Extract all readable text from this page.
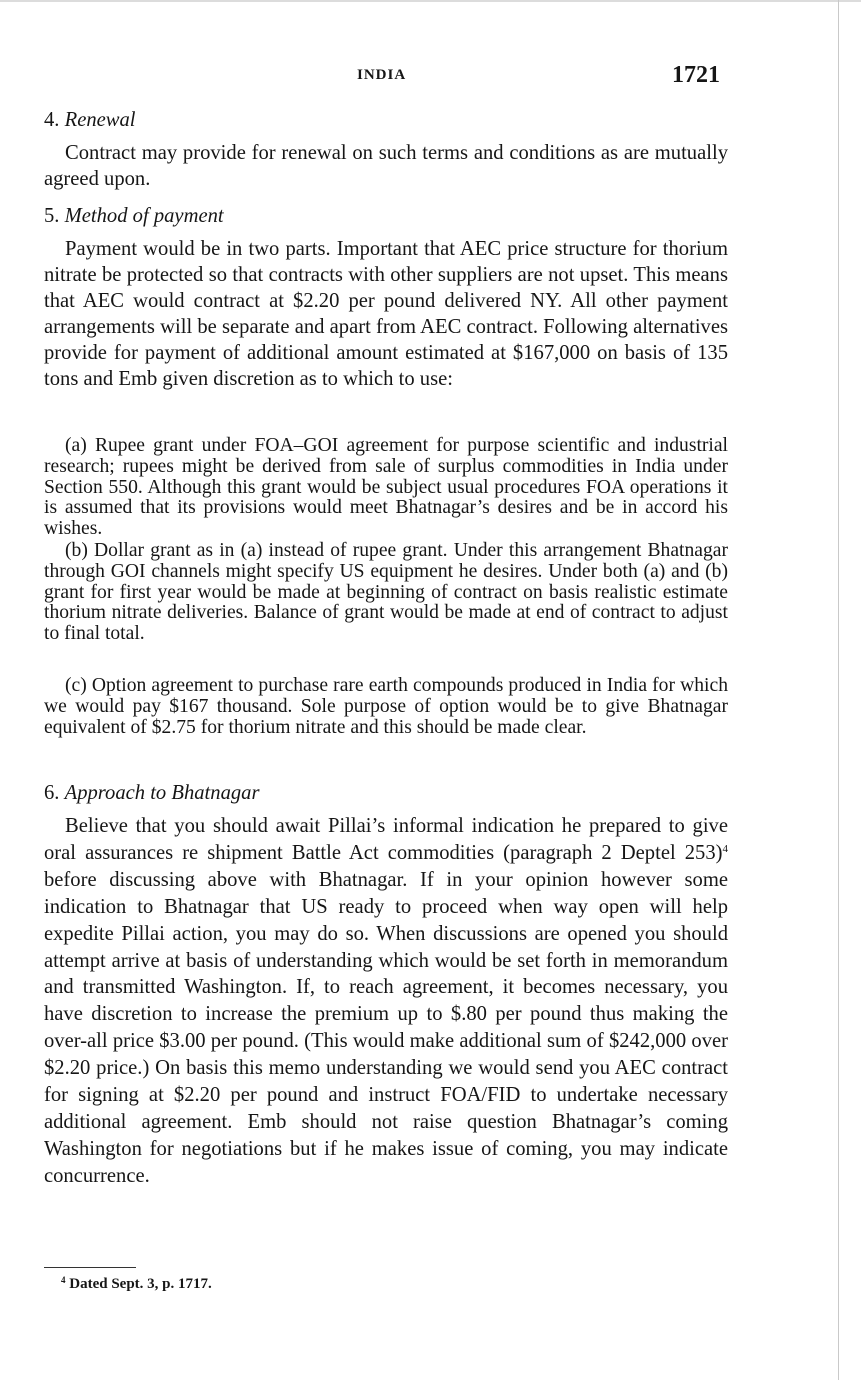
INDIA	1721
4. Renewal
Contract may provide for renewal on such terms and conditions as are mutually agreed upon.
5. Method of payment
Payment would be in two parts. Important that AEC price structure for thorium nitrate be protected so that contracts with other suppliers are not upset. This means that AEC would contract at $2.20 per pound delivered NY. All other payment arrangements will be separate and apart from AEC contract. Following alternatives provide for payment of additional amount estimated at $167,000 on basis of 135 tons and Emb given discretion as to which to use:
(a) Rupee grant under FOA–GOI agreement for purpose scientific and industrial research; rupees might be derived from sale of surplus commodities in India under Section 550. Although this grant would be subject usual procedures FOA operations it is assumed that its provisions would meet Bhatnagar’s desires and be in accord his wishes.
(b) Dollar grant as in (a) instead of rupee grant. Under this arrangement Bhatnagar through GOI channels might specify US equipment he desires. Under both (a) and (b) grant for first year would be made at beginning of contract on basis realistic estimate thorium nitrate deliveries. Balance of grant would be made at end of contract to adjust to final total.
(c) Option agreement to purchase rare earth compounds produced in India for which we would pay $167 thousand. Sole purpose of option would be to give Bhatnagar equivalent of $2.75 for thorium nitrate and this should be made clear.
6. Approach to Bhatnagar
Believe that you should await Pillai’s informal indication he prepared to give oral assurances re shipment Battle Act commodities (paragraph 2 Deptel 253)$^4$ before discussing above with Bhatnagar. If in your opinion however some indication to Bhatnagar that US ready to proceed when way open will help expedite Pillai action, you may do so. When discussions are opened you should attempt arrive at basis of understanding which would be set forth in memorandum and transmitted Washington. If, to reach agreement, it becomes necessary, you have discretion to increase the premium up to $.80 per pound thus making the over-all price $3.00 per pound. (This would make additional sum of $242,000 over $2.20 price.) On basis this memo understanding we would send you AEC contract for signing at $2.20 per pound and instruct FOA/FID to undertake necessary additional agreement. Emb should not raise question Bhatnagar’s coming Washington for negotiations but if he makes issue of coming, you may indicate concurrence.
$^4$ Dated Sept. 3, p. 1717.
